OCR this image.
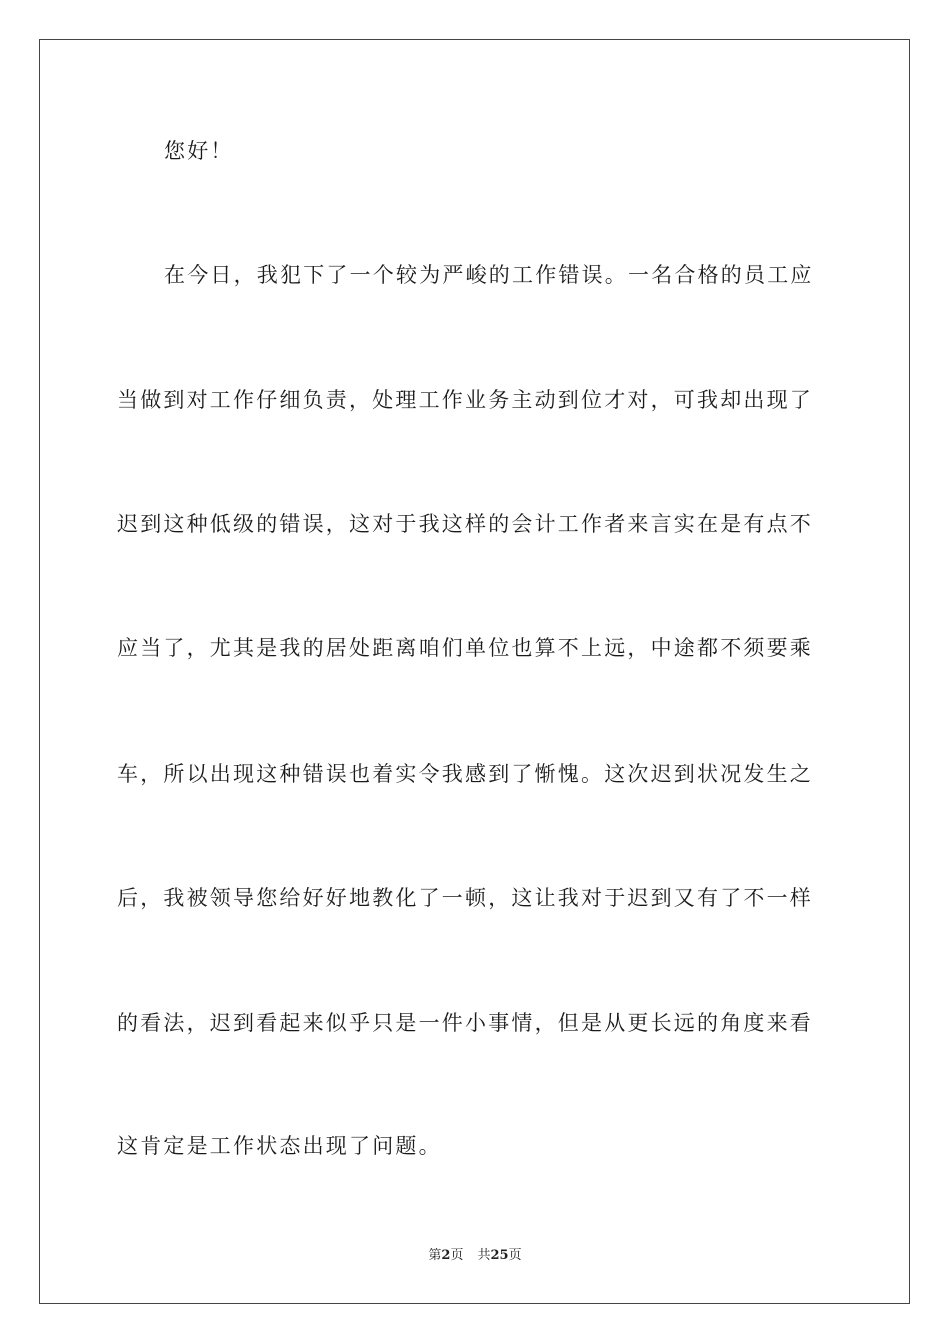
您好！
在今日，我犯下了一个较为严峻的工作错误。一名合格的员工应
当做到对工作仔细负责，处理工作业务主动到位才对，可我却出现了
迟到这种低级的错误，这对于我这样的会计工作者来言实在是有点不
应当了，尤其是我的居处距离咱们单位也算不上远，中途都不须要乘
车，所以出现这种错误也着实令我感到了惭愧。这次迟到状况发生之
后，我被领导您给好好地教化了一顿，这让我对于迟到又有了不一样
的看法，迟到看起来似乎只是一件小事情，但是从更长远的角度来看
这肯定是工作状态出现了问题。
第2页 共25页
